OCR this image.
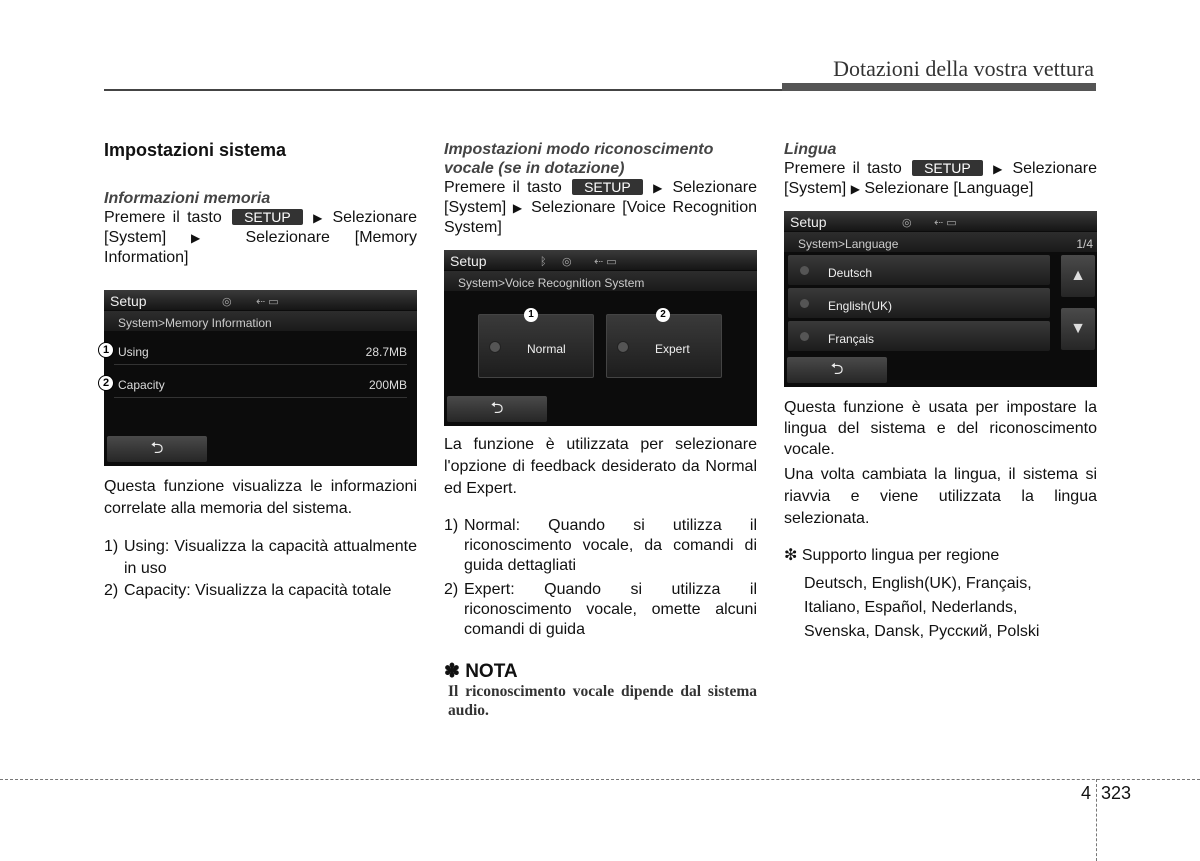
Dotazioni della vostra vettura
Impostazioni sistema
Informazioni memoria
Premere il tasto SETUP ▶ Selezionare [System] ▶ Selezionare [Memory Information]
Setup	◎ ⇠ ▭
System>Memory Information
Using	28.7MB
Capacity	200MB
⮌
1
2
Questa funzione visualizza le informazioni correlate alla memoria del sistema.
1) Using: Visualizza la capacità attualmente in uso
2) Capacity: Visualizza la capacità totale
Impostazioni modo riconoscimento vocale (se in dotazione)
Premere il tasto SETUP ▶ Selezionare [System] ▶ Selezionare [Voice Recognition System]
Setup	ᛒ ◎ ⇠ ▭
System>Voice Recognition System
Normal	Expert
1	2
⮌
La funzione è utilizzata per selezionare l'opzione di feedback desiderato da Normal ed Expert.
1) Normal: Quando si utilizza il riconoscimento vocale, da comandi di guida dettagliati
2) Expert: Quando si utilizza il riconoscimento vocale, omette alcuni comandi di guida
✽ NOTA
Il riconoscimento vocale dipende dal sistema audio.
Lingua
Premere il tasto SETUP ▶ Selezionare [System] ▶ Selezionare [Language]
Setup	◎ ⇠ ▭
System>Language	1/4
Deutsch
English(UK)
Français
▲
▼
⮌
Questa funzione è usata per impostare la lingua del sistema e del riconoscimento vocale.
Una volta cambiata la lingua, il sistema si riavvia e viene utilizzata la lingua selezionata.
❇ Supporto lingua per regione
Deutsch, English(UK), Français,
Italiano, Español, Nederlands,
Svenska, Dansk, Русский, Polski
4 323
